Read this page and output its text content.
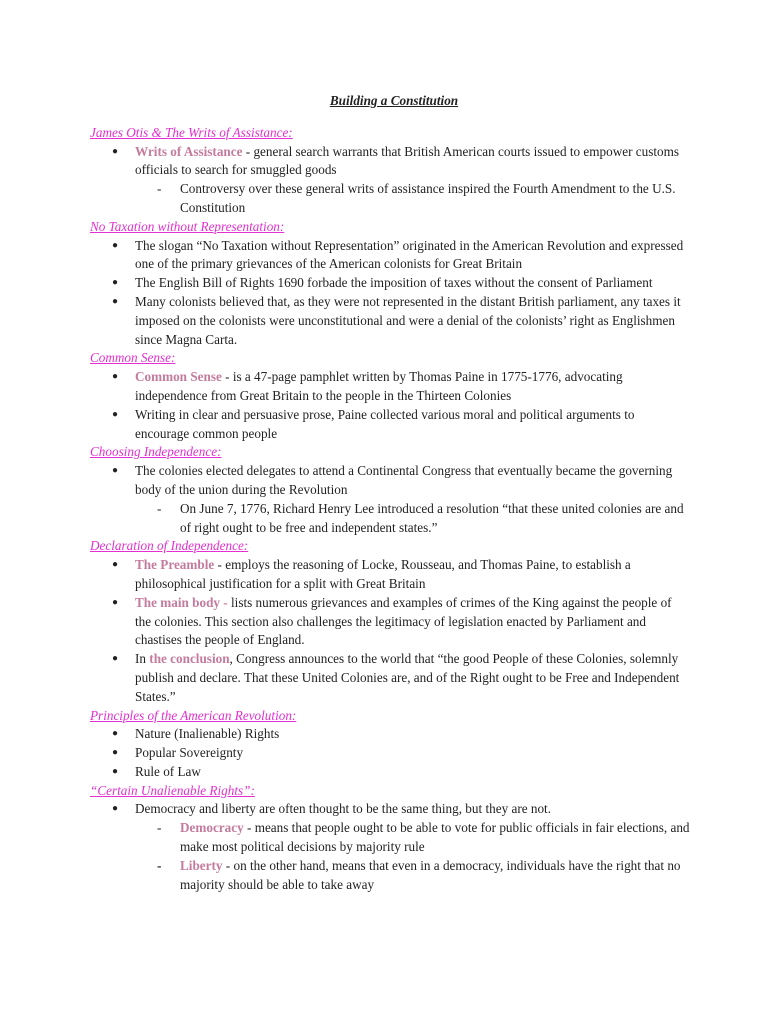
Building a Constitution
James Otis & The Writs of Assistance:
● Writs of Assistance - general search warrants that British American courts issued to empower customs officials to search for smuggled goods
- Controversy over these general writs of assistance inspired the Fourth Amendment to the U.S. Constitution
No Taxation without Representation:
● The slogan “No Taxation without Representation” originated in the American Revolution and expressed one of the primary grievances of the American colonists for Great Britain
● The English Bill of Rights 1690 forbade the imposition of taxes without the consent of Parliament
● Many colonists believed that, as they were not represented in the distant British parliament, any taxes it imposed on the colonists were unconstitutional and were a denial of the colonists’ right as Englishmen since Magna Carta.
Common Sense:
● Common Sense - is a 47-page pamphlet written by Thomas Paine in 1775-1776, advocating independence from Great Britain to the people in the Thirteen Colonies
● Writing in clear and persuasive prose, Paine collected various moral and political arguments to encourage common people
Choosing Independence:
● The colonies elected delegates to attend a Continental Congress that eventually became the governing body of the union during the Revolution
- On June 7, 1776, Richard Henry Lee introduced a resolution “that these united colonies are and of right ought to be free and independent states.”
Declaration of Independence:
● The Preamble - employs the reasoning of Locke, Rousseau, and Thomas Paine, to establish a philosophical justification for a split with Great Britain
● The main body - lists numerous grievances and examples of crimes of the King against the people of the colonies. This section also challenges the legitimacy of legislation enacted by Parliament and chastises the people of England.
● In the conclusion, Congress announces to the world that “the good People of these Colonies, solemnly publish and declare. That these United Colonies are, and of the Right ought to be Free and Independent States.”
Principles of the American Revolution:
● Nature (Inalienable) Rights
● Popular Sovereignty
● Rule of Law
“Certain Unalienable Rights”:
● Democracy and liberty are often thought to be the same thing, but they are not.
- Democracy - means that people ought to be able to vote for public officials in fair elections, and make most political decisions by majority rule
- Liberty - on the other hand, means that even in a democracy, individuals have the right that no majority should be able to take away
